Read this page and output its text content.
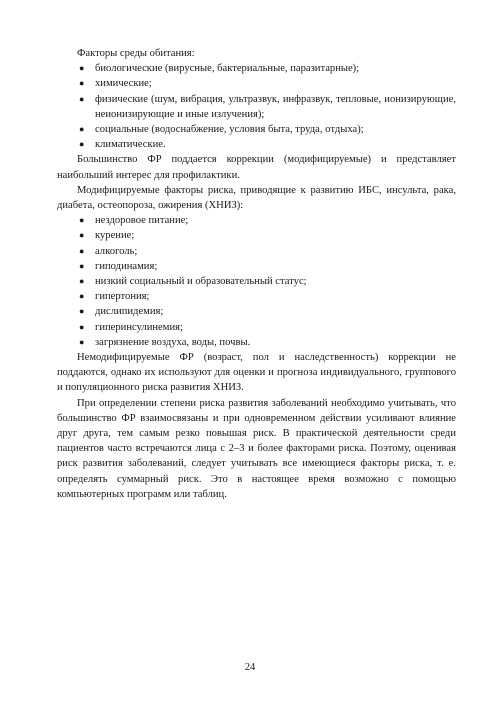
Факторы среды обитания:

● биологические (вирусные, бактериальные, паразитарные);
● химические;
● физические (шум, вибрация, ультразвук, инфразвук, тепловые, ионизирующие, неионизирующие и иные излучения);
● социальные (водоснабжение, условия быта, труда, отдыха);
● климатические.

Большинство ФР поддается коррекции (модифицируемые) и представляет наибольший интерес для профилактики.

Модифицируемые факторы риска, приводящие к развитию ИБС, инсульта, рака, диабета, остеопороза, ожирения (ХНИЗ):

● нездоровое питание;
● курение;
● алкоголь;
● гиподинамия;
● низкий социальный и образовательный статус;
● гипертония;
● дислипидемия;
● гиперинсулинемия;
● загрязнение воздуха, воды, почвы.

Немодифицируемые ФР (возраст, пол и наследственность) коррекции не поддаются, однако их используют для оценки и прогноза индивидуального, группового и популяционного риска развития ХНИЗ.

При определении степени риска развития заболеваний необходимо учитывать, что большинство ФР взаимосвязаны и при одновременном действии усиливают влияние друг друга, тем самым резко повышая риск. В практической деятельности среди пациентов часто встречаются лица с 2–3 и более факторами риска. Поэтому, оценивая риск развития заболеваний, следует учитывать все имеющиеся факторы риска, т. е. определять суммарный риск. Это в настоящее время возможно с помощью компьютерных программ или таблиц.

24
